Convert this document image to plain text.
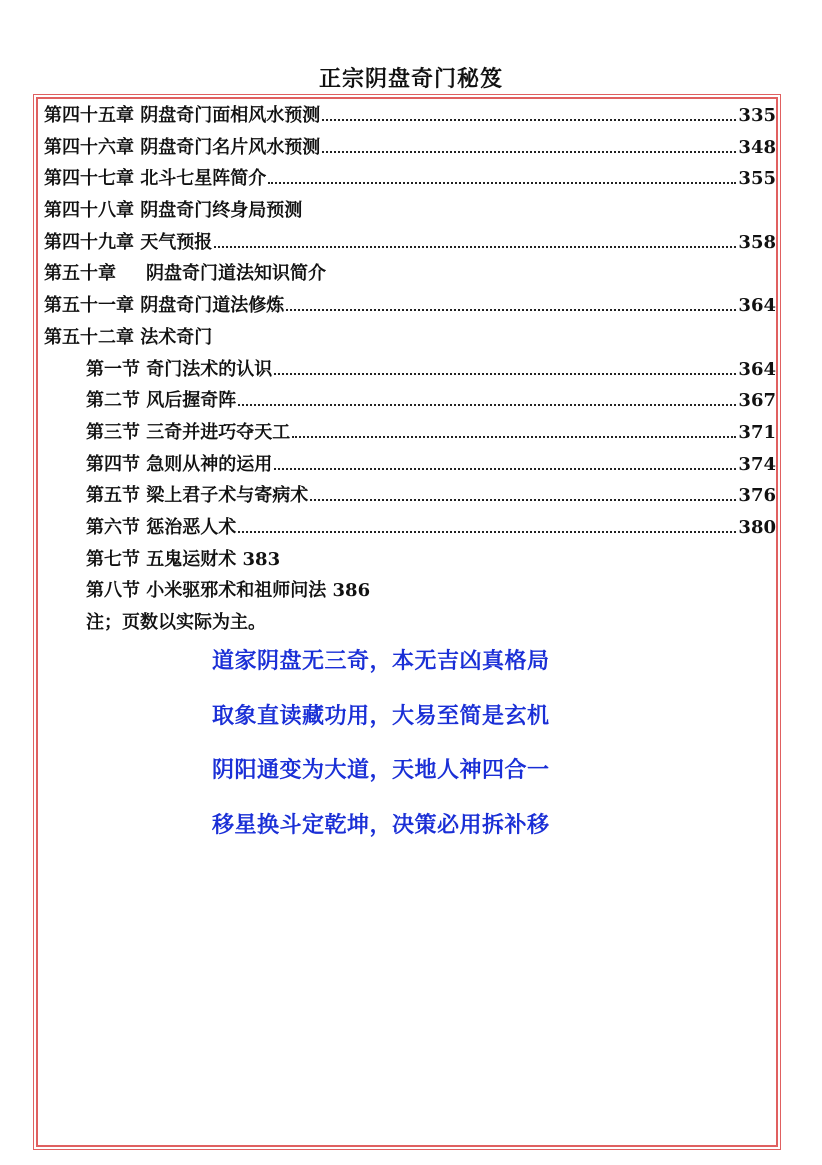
正宗阴盘奇门秘笈
第四十五章 阴盘奇门面相风水预测	335
第四十六章 阴盘奇门名片风水预测	348
第四十七章 北斗七星阵简介	355
第四十八章 阴盘奇门终身局预测
第四十九章 天气预报	358
第五十章 阴盘奇门道法知识简介
第五十一章 阴盘奇门道法修炼	364
第五十二章 法术奇门
第一节 奇门法术的认识	364
第二节 风后握奇阵	367
第三节 三奇并进巧夺天工	371
第四节 急则从神的运用	374
第五节 梁上君子术与寄病术	376
第六节 惩治恶人术	380
第七节 五鬼运财术 383
第八节 小米驱邪术和祖师问法 386
注；页数以实际为主。
道家阴盘无三奇，本无吉凶真格局
取象直读藏功用，大易至简是玄机
阴阳通变为大道，天地人神四合一
移星换斗定乾坤，决策必用拆补移
